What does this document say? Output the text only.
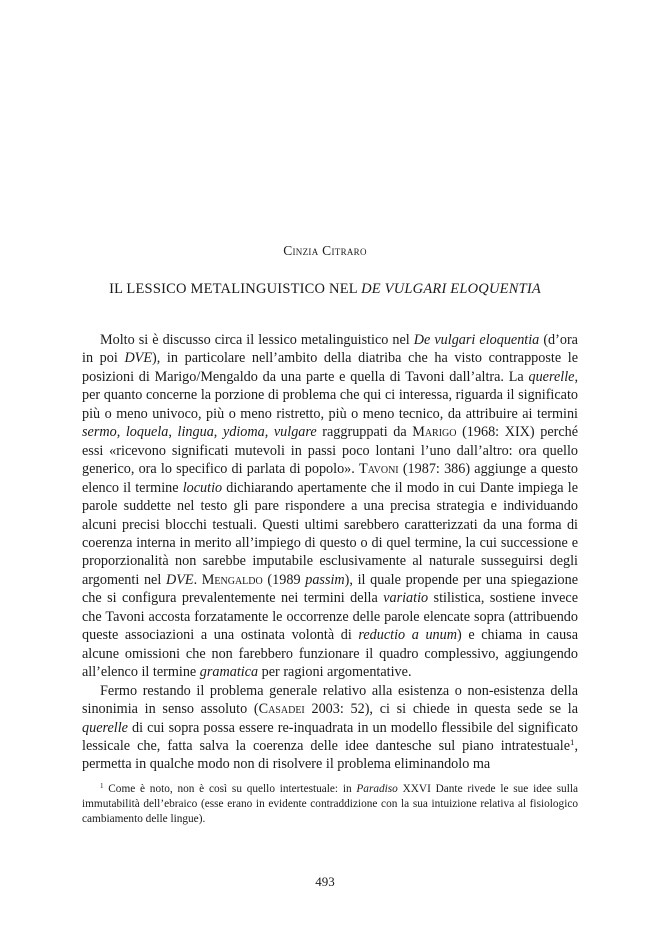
Cinzia Citraro
IL LESSICO METALINGUISTICO NEL DE VULGARI ELOQUENTIA

Molto si è discusso circa il lessico metalinguistico nel De vulgari eloquentia (d’ora in poi DVE), in particolare nell’ambito della diatriba che ha visto contrapposte le posizioni di Marigo/Mengaldo da una parte e quella di Tavoni dall’altra. La querelle, per quanto concerne la porzione di problema che qui ci interessa, riguarda il significato più o meno univoco, più o meno ristretto, più o meno tecnico, da attribuire ai termini sermo, loquela, lingua, ydioma, vulgare raggruppati da Marigo (1968: XIX) perché essi «ricevono significati mutevoli in passi poco lontani l’uno dall’altro: ora quello generico, ora lo specifico di parlata di popolo». Tavoni (1987: 386) aggiunge a questo elenco il termine locutio dichiarando apertamente che il modo in cui Dante impiega le parole suddette nel testo gli pare rispondere a una precisa strategia e individuando alcuni precisi blocchi testuali. Questi ultimi sarebbero caratterizzati da una forma di coerenza interna in merito all’impiego di questo o di quel termine, la cui successione e proporzionalità non sarebbe imputabile esclusivamente al naturale susseguirsi degli argomenti nel DVE. Mengaldo (1989 passim), il quale propende per una spiegazione che si configura prevalentemente nei termini della variatio stilistica, sostiene invece che Tavoni accosta forzatamente le occorrenze delle parole elencate sopra (attribuendo queste associazioni a una ostinata volontà di reductio a unum) e chiama in causa alcune omissioni che non farebbero funzionare il quadro complessivo, aggiungendo all’elenco il termine gramatica per ragioni argomentative.

Fermo restando il problema generale relativo alla esistenza o non-esistenza della sinonimia in senso assoluto (Casadei 2003: 52), ci si chiede in questa sede se la querelle di cui sopra possa essere re-inquadrata in un modello flessibile del significato lessicale che, fatta salva la coerenza delle idee dantesche sul piano intratestuale$^1$, permetta in qualche modo non di risolvere il problema eliminandolo ma

$^1$ Come è noto, non è così su quello intertestuale: in Paradiso XXVI Dante rivede le sue idee sulla immutabilità dell’ebraico (esse erano in evidente contraddizione con la sua intuizione relativa al fisiologico cambiamento delle lingue).

493
